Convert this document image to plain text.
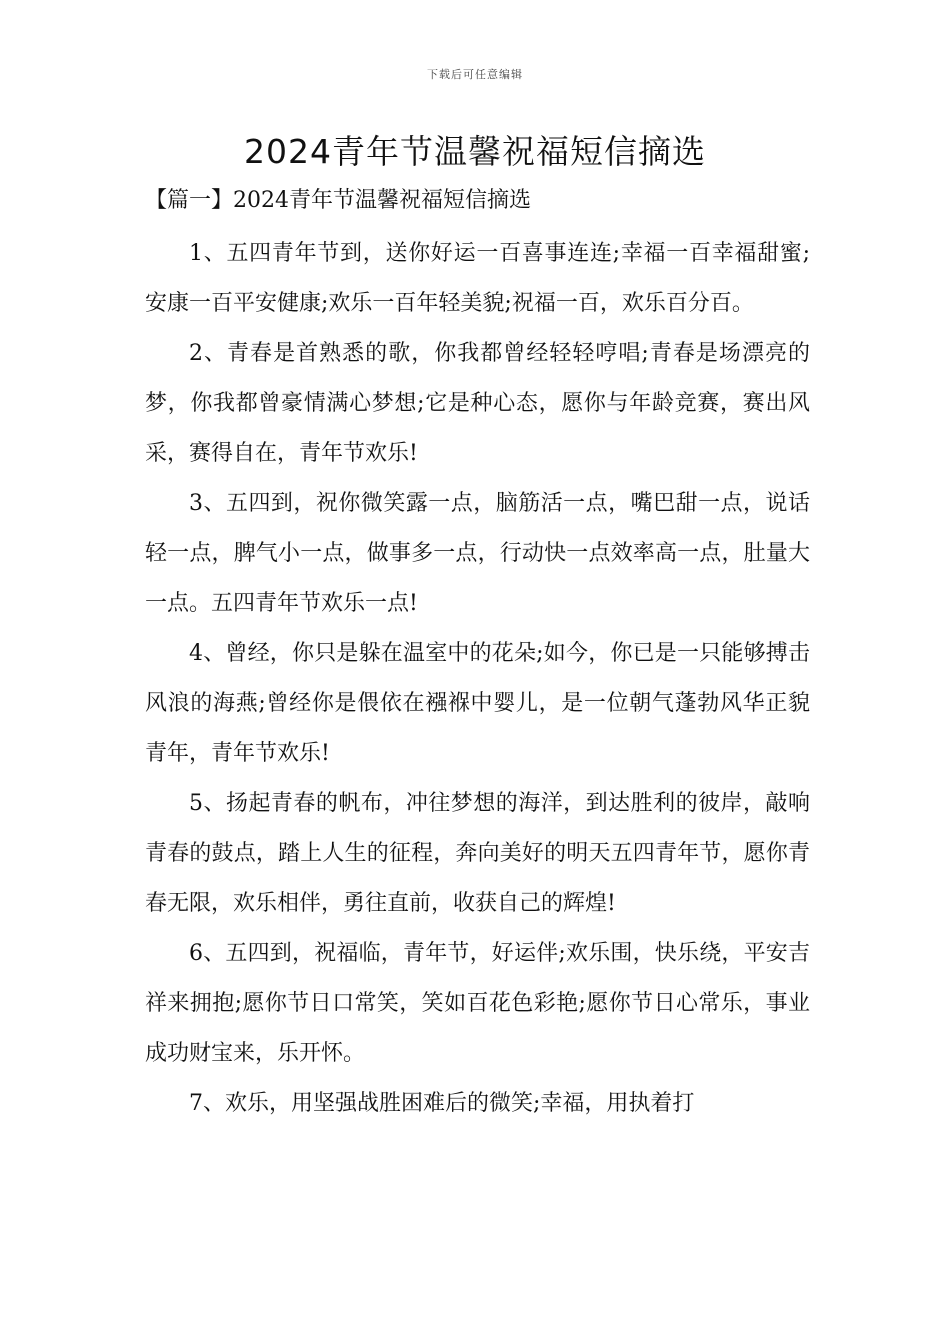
下载后可任意编辑
2024青年节温馨祝福短信摘选
【篇一】2024青年节温馨祝福短信摘选

1、五四青年节到，送你好运一百喜事连连;幸福一百幸福甜蜜;安康一百平安健康;欢乐一百年轻美貌;祝福一百，欢乐百分百。

2、青春是首熟悉的歌，你我都曾经轻轻哼唱;青春是场漂亮的梦，你我都曾豪情满心梦想;它是种心态，愿你与年龄竞赛，赛出风采，赛得自在，青年节欢乐!

3、五四到，祝你微笑露一点，脑筋活一点，嘴巴甜一点，说话轻一点，脾气小一点，做事多一点，行动快一点效率高一点，肚量大一点。五四青年节欢乐一点!

4、曾经，你只是躲在温室中的花朵;如今，你已是一只能够搏击风浪的海燕;曾经你是偎依在襁褓中婴儿，是一位朝气蓬勃风华正貌青年，青年节欢乐!

5、扬起青春的帆布，冲往梦想的海洋，到达胜利的彼岸，敲响青春的鼓点，踏上人生的征程，奔向美好的明天五四青年节，愿你青春无限，欢乐相伴，勇往直前，收获自己的辉煌!

6、五四到，祝福临，青年节，好运伴;欢乐围，快乐绕，平安吉祥来拥抱;愿你节日口常笑，笑如百花色彩艳;愿你节日心常乐，事业成功财宝来，乐开怀。

7、欢乐，用坚强战胜困难后的微笑;幸福，用执着打
